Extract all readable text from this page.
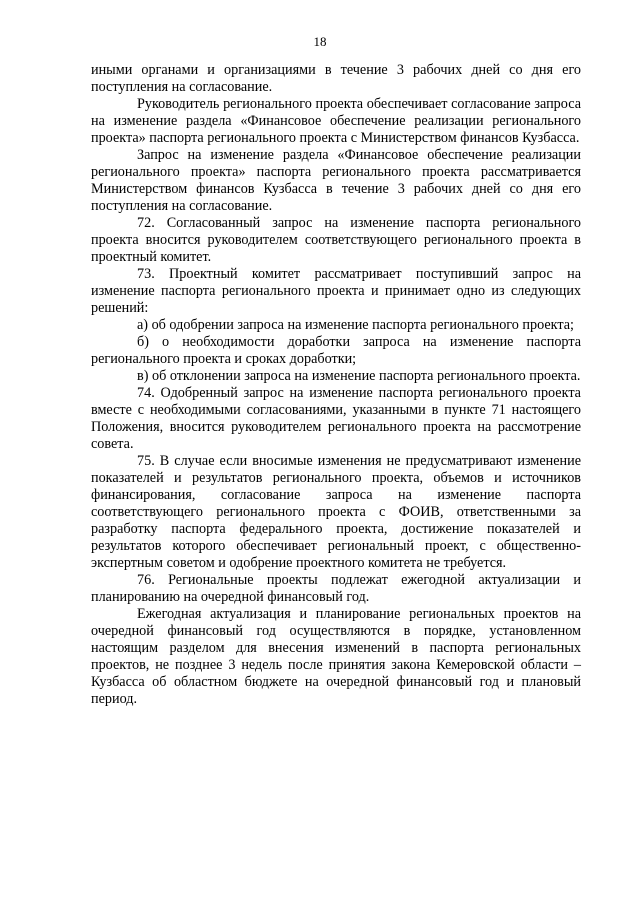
18

иными органами и организациями в течение 3 рабочих дней со дня его поступления на согласование.

Руководитель регионального проекта обеспечивает согласование запроса на изменение раздела «Финансовое обеспечение реализации регионального проекта» паспорта регионального проекта с Министерством финансов Кузбасса.

Запрос на изменение раздела «Финансовое обеспечение реализации регионального проекта» паспорта регионального проекта рассматривается Министерством финансов Кузбасса в течение 3 рабочих дней со дня его поступления на согласование.

72. Согласованный запрос на изменение паспорта регионального проекта вносится руководителем соответствующего регионального проекта в проектный комитет.

73. Проектный комитет рассматривает поступивший запрос на изменение паспорта регионального проекта и принимает одно из следующих решений:

а) об одобрении запроса на изменение паспорта регионального проекта;

б) о необходимости доработки запроса на изменение паспорта регионального проекта и сроках доработки;

в) об отклонении запроса на изменение паспорта регионального проекта.

74. Одобренный запрос на изменение паспорта регионального проекта вместе с необходимыми согласованиями, указанными в пункте 71 настоящего Положения, вносится руководителем регионального проекта на рассмотрение совета.

75. В случае если вносимые изменения не предусматривают изменение показателей и результатов регионального проекта, объемов и источников финансирования, согласование запроса на изменение паспорта соответствующего регионального проекта с ФОИВ, ответственными за разработку паспорта федерального проекта, достижение показателей и результатов которого обеспечивает региональный проект, с общественно-экспертным советом и одобрение проектного комитета не требуется.

76. Региональные проекты подлежат ежегодной актуализации и планированию на очередной финансовый год.

Ежегодная актуализация и планирование региональных проектов на очередной финансовый год осуществляются в порядке, установленном настоящим разделом для внесения изменений в паспорта региональных проектов, не позднее 3 недель после принятия закона Кемеровской области – Кузбасса об областном бюджете на очередной финансовый год и плановый период.
